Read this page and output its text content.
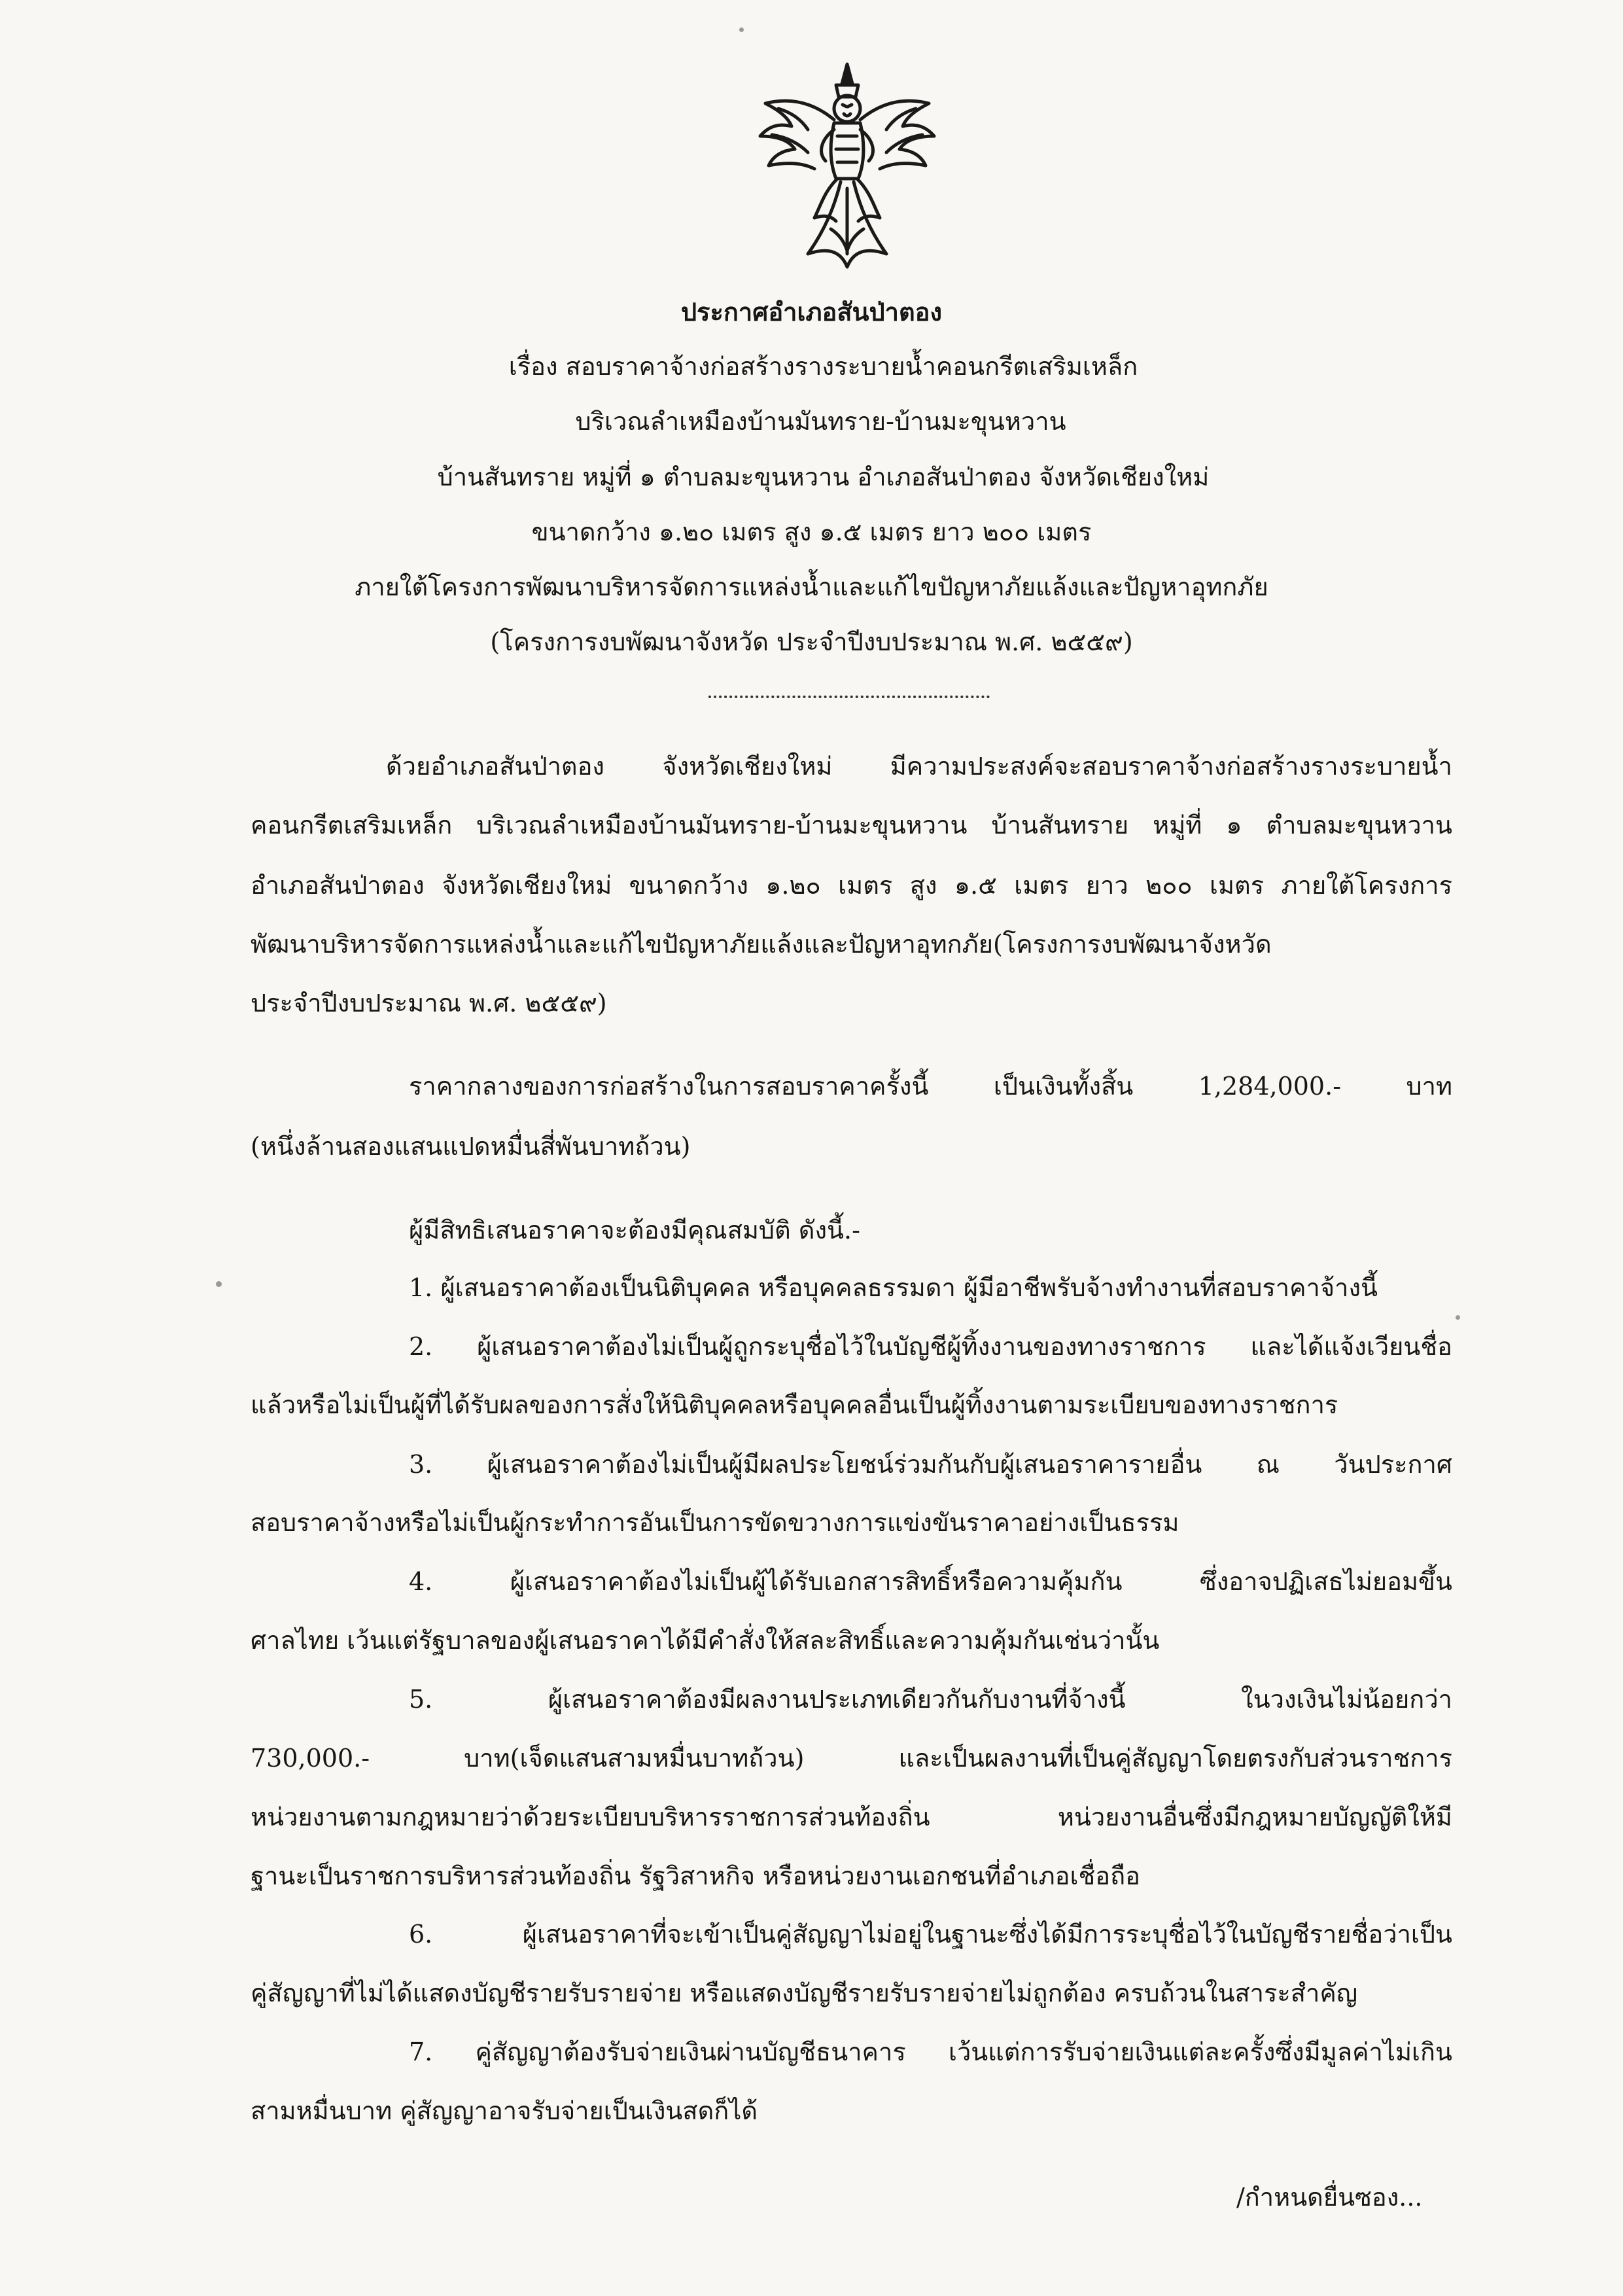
ประกาศอำเภอสันป่าตอง
เรื่อง สอบราคาจ้างก่อสร้างรางระบายน้ำคอนกรีตเสริมเหล็ก
บริเวณลำเหมืองบ้านมันทราย-บ้านมะขุนหวาน
บ้านสันทราย หมู่ที่ ๑ ตำบลมะขุนหวาน อำเภอสันป่าตอง จังหวัดเชียงใหม่
ขนาดกว้าง ๑.๒๐ เมตร สูง ๑.๕ เมตร ยาว ๒๐๐ เมตร
ภายใต้โครงการพัฒนาบริหารจัดการแหล่งน้ำและแก้ไขปัญหาภัยแล้งและปัญหาอุทกภัย
(โครงการงบพัฒนาจังหวัด ประจำปีงบประมาณ พ.ศ. ๒๕๕๙)
ด้วยอำเภอสันป่าตอง จังหวัดเชียงใหม่ มีความประสงค์จะสอบราคาจ้างก่อสร้างรางระบายน้ำ
คอนกรีตเสริมเหล็ก บริเวณลำเหมืองบ้านมันทราย-บ้านมะขุนหวาน บ้านสันทราย หมู่ที่ ๑ ตำบลมะขุนหวาน
อำเภอสันป่าตอง จังหวัดเชียงใหม่ ขนาดกว้าง ๑.๒๐ เมตร สูง ๑.๕ เมตร ยาว ๒๐๐ เมตร ภายใต้โครงการ
พัฒนาบริหารจัดการแหล่งน้ำและแก้ไขปัญหาภัยแล้งและปัญหาอุทกภัย(โครงการงบพัฒนาจังหวัด
ประจำปีงบประมาณ พ.ศ. ๒๕๕๙)
ราคากลางของการก่อสร้างในการสอบราคาครั้งนี้ เป็นเงินทั้งสิ้น 1,284,000.- บาท
(หนึ่งล้านสองแสนแปดหมื่นสี่พันบาทถ้วน)
ผู้มีสิทธิเสนอราคาจะต้องมีคุณสมบัติ ดังนี้.-
1. ผู้เสนอราคาต้องเป็นนิติบุคคล หรือบุคคลธรรมดา ผู้มีอาชีพรับจ้างทำงานที่สอบราคาจ้างนี้
2. ผู้เสนอราคาต้องไม่เป็นผู้ถูกระบุชื่อไว้ในบัญชีผู้ทิ้งงานของทางราชการ และได้แจ้งเวียนชื่อ
แล้วหรือไม่เป็นผู้ที่ได้รับผลของการสั่งให้นิติบุคคลหรือบุคคลอื่นเป็นผู้ทิ้งงานตามระเบียบของทางราชการ
3. ผู้เสนอราคาต้องไม่เป็นผู้มีผลประโยชน์ร่วมกันกับผู้เสนอราคารายอื่น ณ วันประกาศ
สอบราคาจ้างหรือไม่เป็นผู้กระทำการอันเป็นการขัดขวางการแข่งขันราคาอย่างเป็นธรรม
4. ผู้เสนอราคาต้องไม่เป็นผู้ได้รับเอกสารสิทธิ์หรือความคุ้มกัน ซึ่งอาจปฏิเสธไม่ยอมขึ้น
ศาลไทย เว้นแต่รัฐบาลของผู้เสนอราคาได้มีคำสั่งให้สละสิทธิ์และความคุ้มกันเช่นว่านั้น
5. ผู้เสนอราคาต้องมีผลงานประเภทเดียวกันกับงานที่จ้างนี้ ในวงเงินไม่น้อยกว่า
730,000.- บาท(เจ็ดแสนสามหมื่นบาทถ้วน) และเป็นผลงานที่เป็นคู่สัญญาโดยตรงกับส่วนราชการ
หน่วยงานตามกฎหมายว่าด้วยระเบียบบริหารราชการส่วนท้องถิ่น หน่วยงานอื่นซึ่งมีกฎหมายบัญญัติให้มี
ฐานะเป็นราชการบริหารส่วนท้องถิ่น รัฐวิสาหกิจ หรือหน่วยงานเอกชนที่อำเภอเชื่อถือ
6. ผู้เสนอราคาที่จะเข้าเป็นคู่สัญญาไม่อยู่ในฐานะซึ่งได้มีการระบุชื่อไว้ในบัญชีรายชื่อว่าเป็น
คู่สัญญาที่ไม่ได้แสดงบัญชีรายรับรายจ่าย หรือแสดงบัญชีรายรับรายจ่ายไม่ถูกต้อง ครบถ้วนในสาระสำคัญ
7. คู่สัญญาต้องรับจ่ายเงินผ่านบัญชีธนาคาร เว้นแต่การรับจ่ายเงินแต่ละครั้งซึ่งมีมูลค่าไม่เกิน
สามหมื่นบาท คู่สัญญาอาจรับจ่ายเป็นเงินสดก็ได้
/กำหนดยื่นซอง...
